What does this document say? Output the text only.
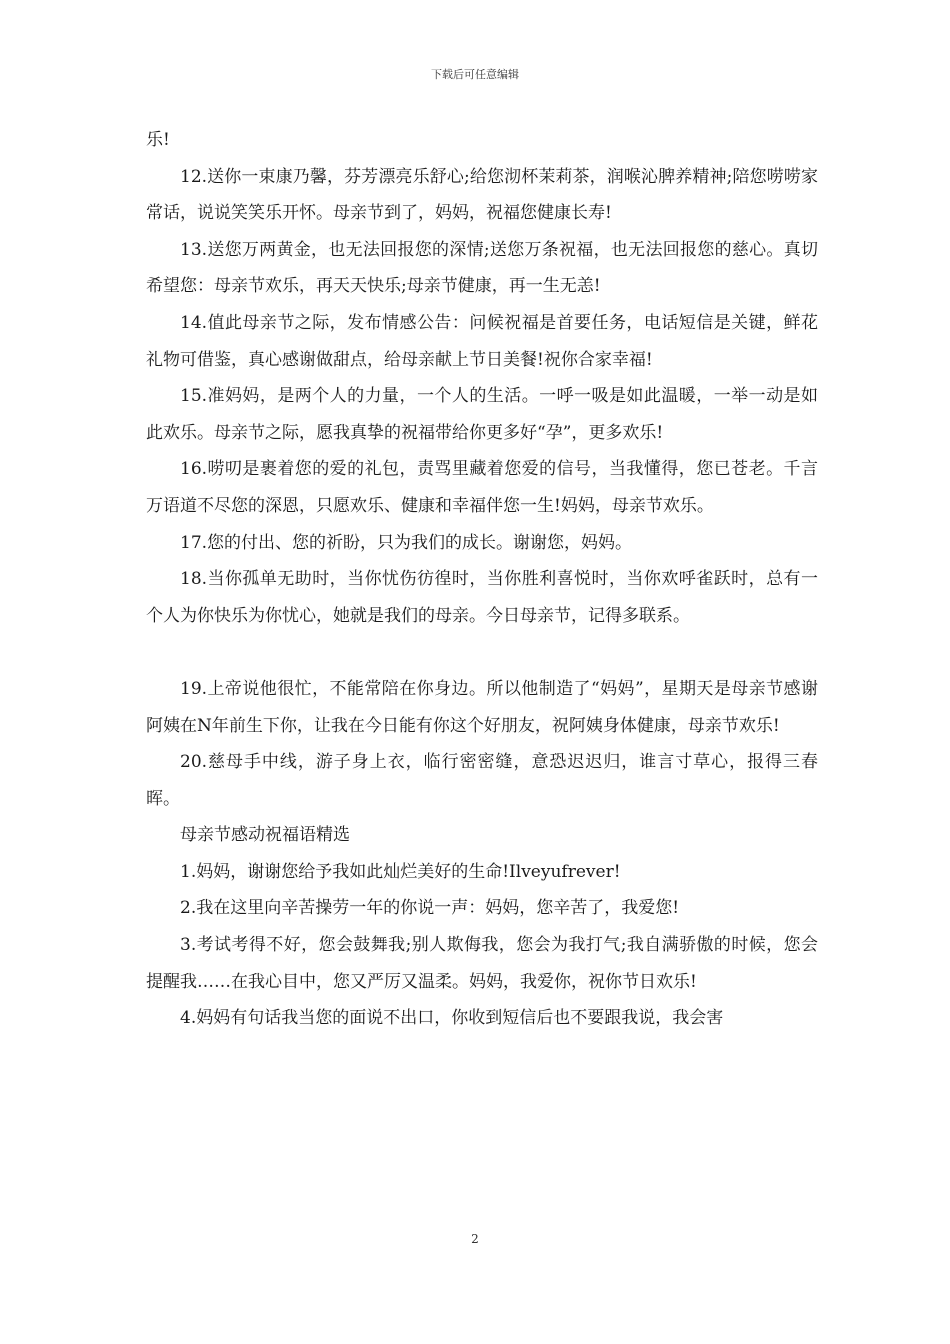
下载后可任意编辑

乐!

12.送你一束康乃馨，芬芳漂亮乐舒心;给您沏杯茉莉茶，润喉沁脾养精神;陪您唠唠家常话，说说笑笑乐开怀。母亲节到了，妈妈，祝福您健康长寿!

13.送您万两黄金，也无法回报您的深情;送您万条祝福，也无法回报您的慈心。真切希望您：母亲节欢乐，再天天快乐;母亲节健康，再一生无恙!

14.值此母亲节之际，发布情感公告：问候祝福是首要任务，电话短信是关键，鲜花礼物可借鉴，真心感谢做甜点，给母亲献上节日美餐!祝你合家幸福!

15.准妈妈，是两个人的力量，一个人的生活。一呼一吸是如此温暖，一举一动是如此欢乐。母亲节之际，愿我真挚的祝福带给你更多好“孕”，更多欢乐!

16.唠叨是裹着您的爱的礼包，责骂里藏着您爱的信号，当我懂得，您已苍老。千言万语道不尽您的深恩，只愿欢乐、健康和幸福伴您一生!妈妈，母亲节欢乐。

17.您的付出、您的祈盼，只为我们的成长。谢谢您，妈妈。

18.当你孤单无助时，当你忧伤彷徨时，当你胜利喜悦时，当你欢呼雀跃时，总有一个人为你快乐为你忧心，她就是我们的母亲。今日母亲节，记得多联系。

19.上帝说他很忙，不能常陪在你身边。所以他制造了“妈妈”，星期天是母亲节感谢阿姨在N年前生下你，让我在今日能有你这个好朋友，祝阿姨身体健康，母亲节欢乐!

20.慈母手中线，游子身上衣，临行密密缝，意恐迟迟归，谁言寸草心，报得三春晖。

母亲节感动祝福语精选

1.妈妈，谢谢您给予我如此灿烂美好的生命!Ilveyufrever!

2.我在这里向辛苦操劳一年的你说一声：妈妈，您辛苦了，我爱您!

3.考试考得不好，您会鼓舞我;别人欺侮我，您会为我打气;我自满骄傲的时候，您会提醒我……在我心目中，您又严厉又温柔。妈妈，我爱你，祝你节日欢乐!

4.妈妈有句话我当您的面说不出口，你收到短信后也不要跟我说，我会害

2
